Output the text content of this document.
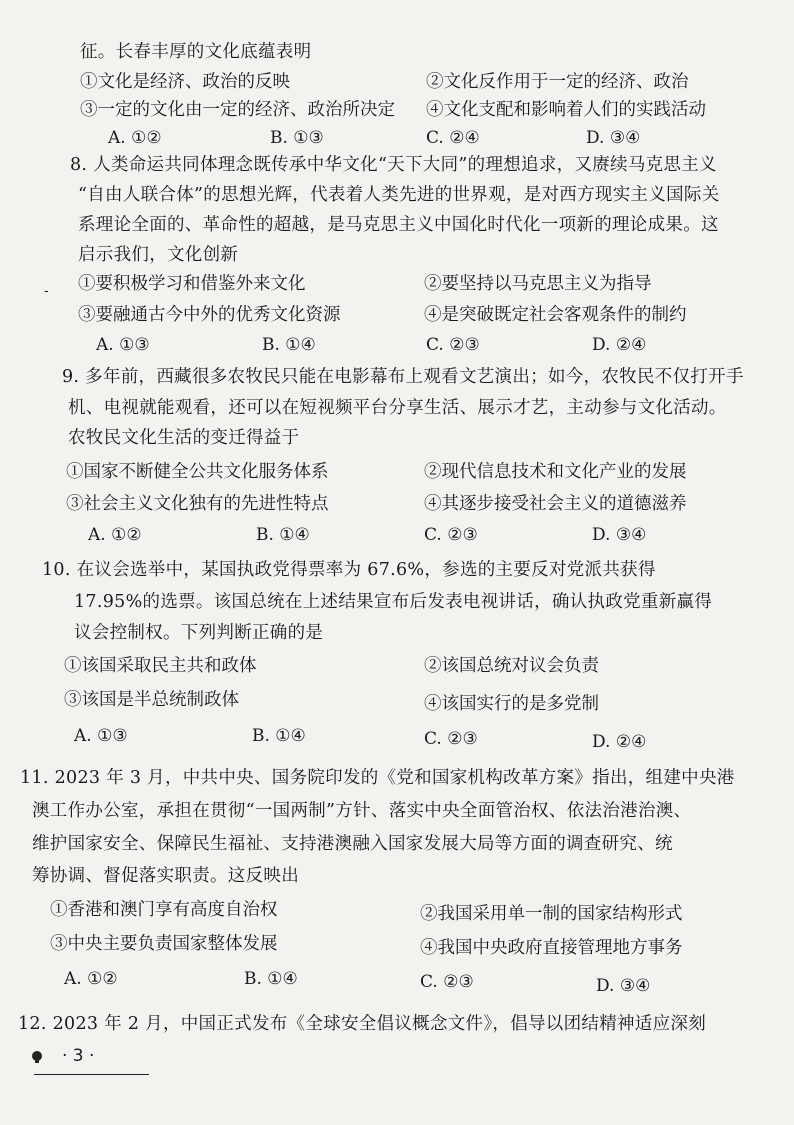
征。长春丰厚的文化底蕴表明
8. 人类命运共同体理念既传承中华文化“天下大同”的理想追求，又赓续马克思主义
“自由人联合体”的思想光辉，代表着人类先进的世界观，是对西方现实主义国际关
系理论全面的、革命性的超越，是马克思主义中国化时代化一项新的理论成果。这
启示我们，文化创新
9. 多年前，西藏很多农牧民只能在电影幕布上观看文艺演出；如今，农牧民不仅打开手
机、电视就能观看，还可以在短视频平台分享生活、展示才艺，主动参与文化活动。
农牧民文化生活的变迁得益于
10. 在议会选举中，某国执政党得票率为 67.6%，参选的主要反对党派共获得
17.95%的选票。该国总统在上述结果宣布后发表电视讲话，确认执政党重新赢得
议会控制权。下列判断正确的是
11. 2023 年 3 月，中共中央、国务院印发的《党和国家机构改革方案》指出，组建中央港
澳工作办公室，承担在贯彻“一国两制”方针、落实中央全面管治权、依法治港治澳、
维护国家安全、保障民生福祉、支持港澳融入国家发展大局等方面的调查研究、统
筹协调、督促落实职责。这反映出
12. 2023 年 2 月，中国正式发布《全球安全倡议概念文件》，倡导以团结精神适应深刻
①文化是经济、政治的反映	②文化反作用于一定的经济、政治
③一定的文化由一定的经济、政治所决定 ④文化支配和影响着人们的实践活动
①要积极学习和借鉴外来文化	②要坚持以马克思主义为指导
③要融通古今中外的优秀文化资源	④是突破既定社会客观条件的制约
①国家不断健全公共文化服务体系	②现代信息技术和文化产业的发展
③社会主义文化独有的先进性特点	④其逐步接受社会主义的道德滋养
①该国采取民主共和政体	②该国总统对议会负责
③该国是半总统制政体	④该国实行的是多党制
①香港和澳门享有高度自治权	②我国采用单一制的国家结构形式
③中央主要负责国家整体发展	④我国中央政府直接管理地方事务
A. ①②	B. ①③	C. ②④	D. ③④
A. ①③	B. ①④	C. ②③	D. ②④
A. ①②	B. ①④	C. ②③	D. ③④
A. ①③	B. ①④	C. ②③	D. ②④
A. ①②	B. ①④	C. ②③	D. ③④
-
· 3 ·
